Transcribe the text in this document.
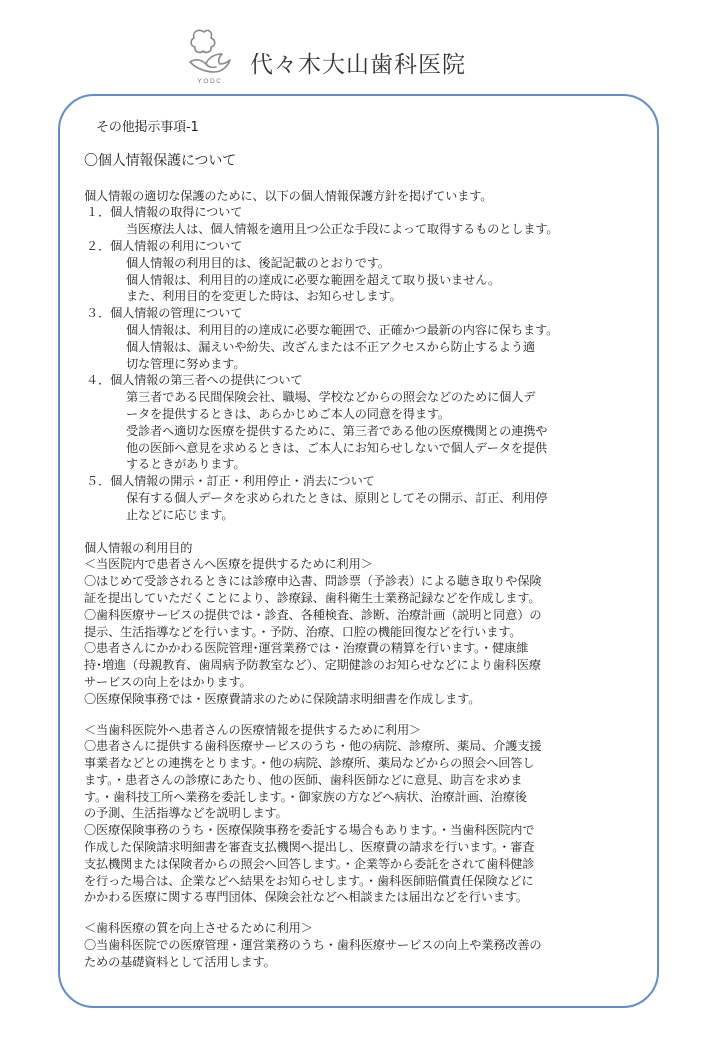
YODC
代々木大山歯科医院

その他掲示事項-1

〇個人情報保護について

個人情報の適切な保護のために、以下の個人情報保護方針を掲げています。

１．個人情報の取得について

当医療法人は、個人情報を適用且つ公正な手段によって取得するものとします。

２．個人情報の利用について

個人情報の利用目的は、後記記載のとおりです。

個人情報は、利用目的の達成に必要な範囲を超えて取り扱いません。

また、利用目的を変更した時は、お知らせします。

３．個人情報の管理について

個人情報は、利用目的の達成に必要な範囲で、正確かつ最新の内容に保ちます。

個人情報は、漏えいや紛失、改ざんまたは不正アクセスから防止するよう適

切な管理に努めます。

４．個人情報の第三者への提供について

第三者である民間保険会社、職場、学校などからの照会などのために個人デ

ータを提供するときは、あらかじめご本人の同意を得ます。

受診者へ適切な医療を提供するために、第三者である他の医療機関との連携や

他の医師へ意見を求めるときは、ご本人にお知らせしないで個人データを提供

するときがあります。

５．個人情報の開示・訂正・利用停止・消去について

保有する個人データを求められたときは、原則としてその開示、訂正、利用停

止などに応じます。

個人情報の利用目的

＜当医院内で患者さんへ医療を提供するために利用＞

〇はじめて受診されるときには診療申込書、問診票（予診表）による聴き取りや保険

証を提出していただくことにより、診療録、歯科衛生士業務記録などを作成します。

〇歯科医療サービスの提供では・診査、各種検査、診断、治療計画（説明と同意）の

提示、生活指導などを行います。・予防、治療、口腔の機能回復などを行います。

〇患者さんにかかわる医院管理･運営業務では・治療費の精算を行います。・健康維

持･増進（母親教育、歯周病予防教室など）、定期健診のお知らせなどにより歯科医療

サービスの向上をはかります。

〇医療保険事務では・医療費請求のために保険請求明細書を作成します。

＜当歯科医院外へ患者さんの医療情報を提供するために利用＞

〇患者さんに提供する歯科医療サービスのうち・他の病院、診療所、薬局、介護支援

事業者などとの連携をとります。・他の病院、診療所、薬局などからの照会へ回答し

ます。・患者さんの診療にあたり、他の医師、歯科医師などに意見、助言を求めま

す。・歯科技工所へ業務を委託します。・御家族の方などへ病状、治療計画、治療後

の予測、生活指導などを説明します。

〇医療保険事務のうち・医療保険事務を委託する場合もあります。・当歯科医院内で

作成した保険請求明細書を審査支払機関へ提出し、医療費の請求を行います。・審査

支払機関または保険者からの照会へ回答します。・企業等から委託をされて歯科健診

を行った場合は、企業などへ結果をお知らせします。・歯科医師賠償責任保険などに

かかわる医療に関する専門団体、保険会社などへ相談または届出などを行います。

＜歯科医療の質を向上させるために利用＞

〇当歯科医院での医療管理・運営業務のうち・歯科医療サービスの向上や業務改善の

ための基礎資料として活用します。
